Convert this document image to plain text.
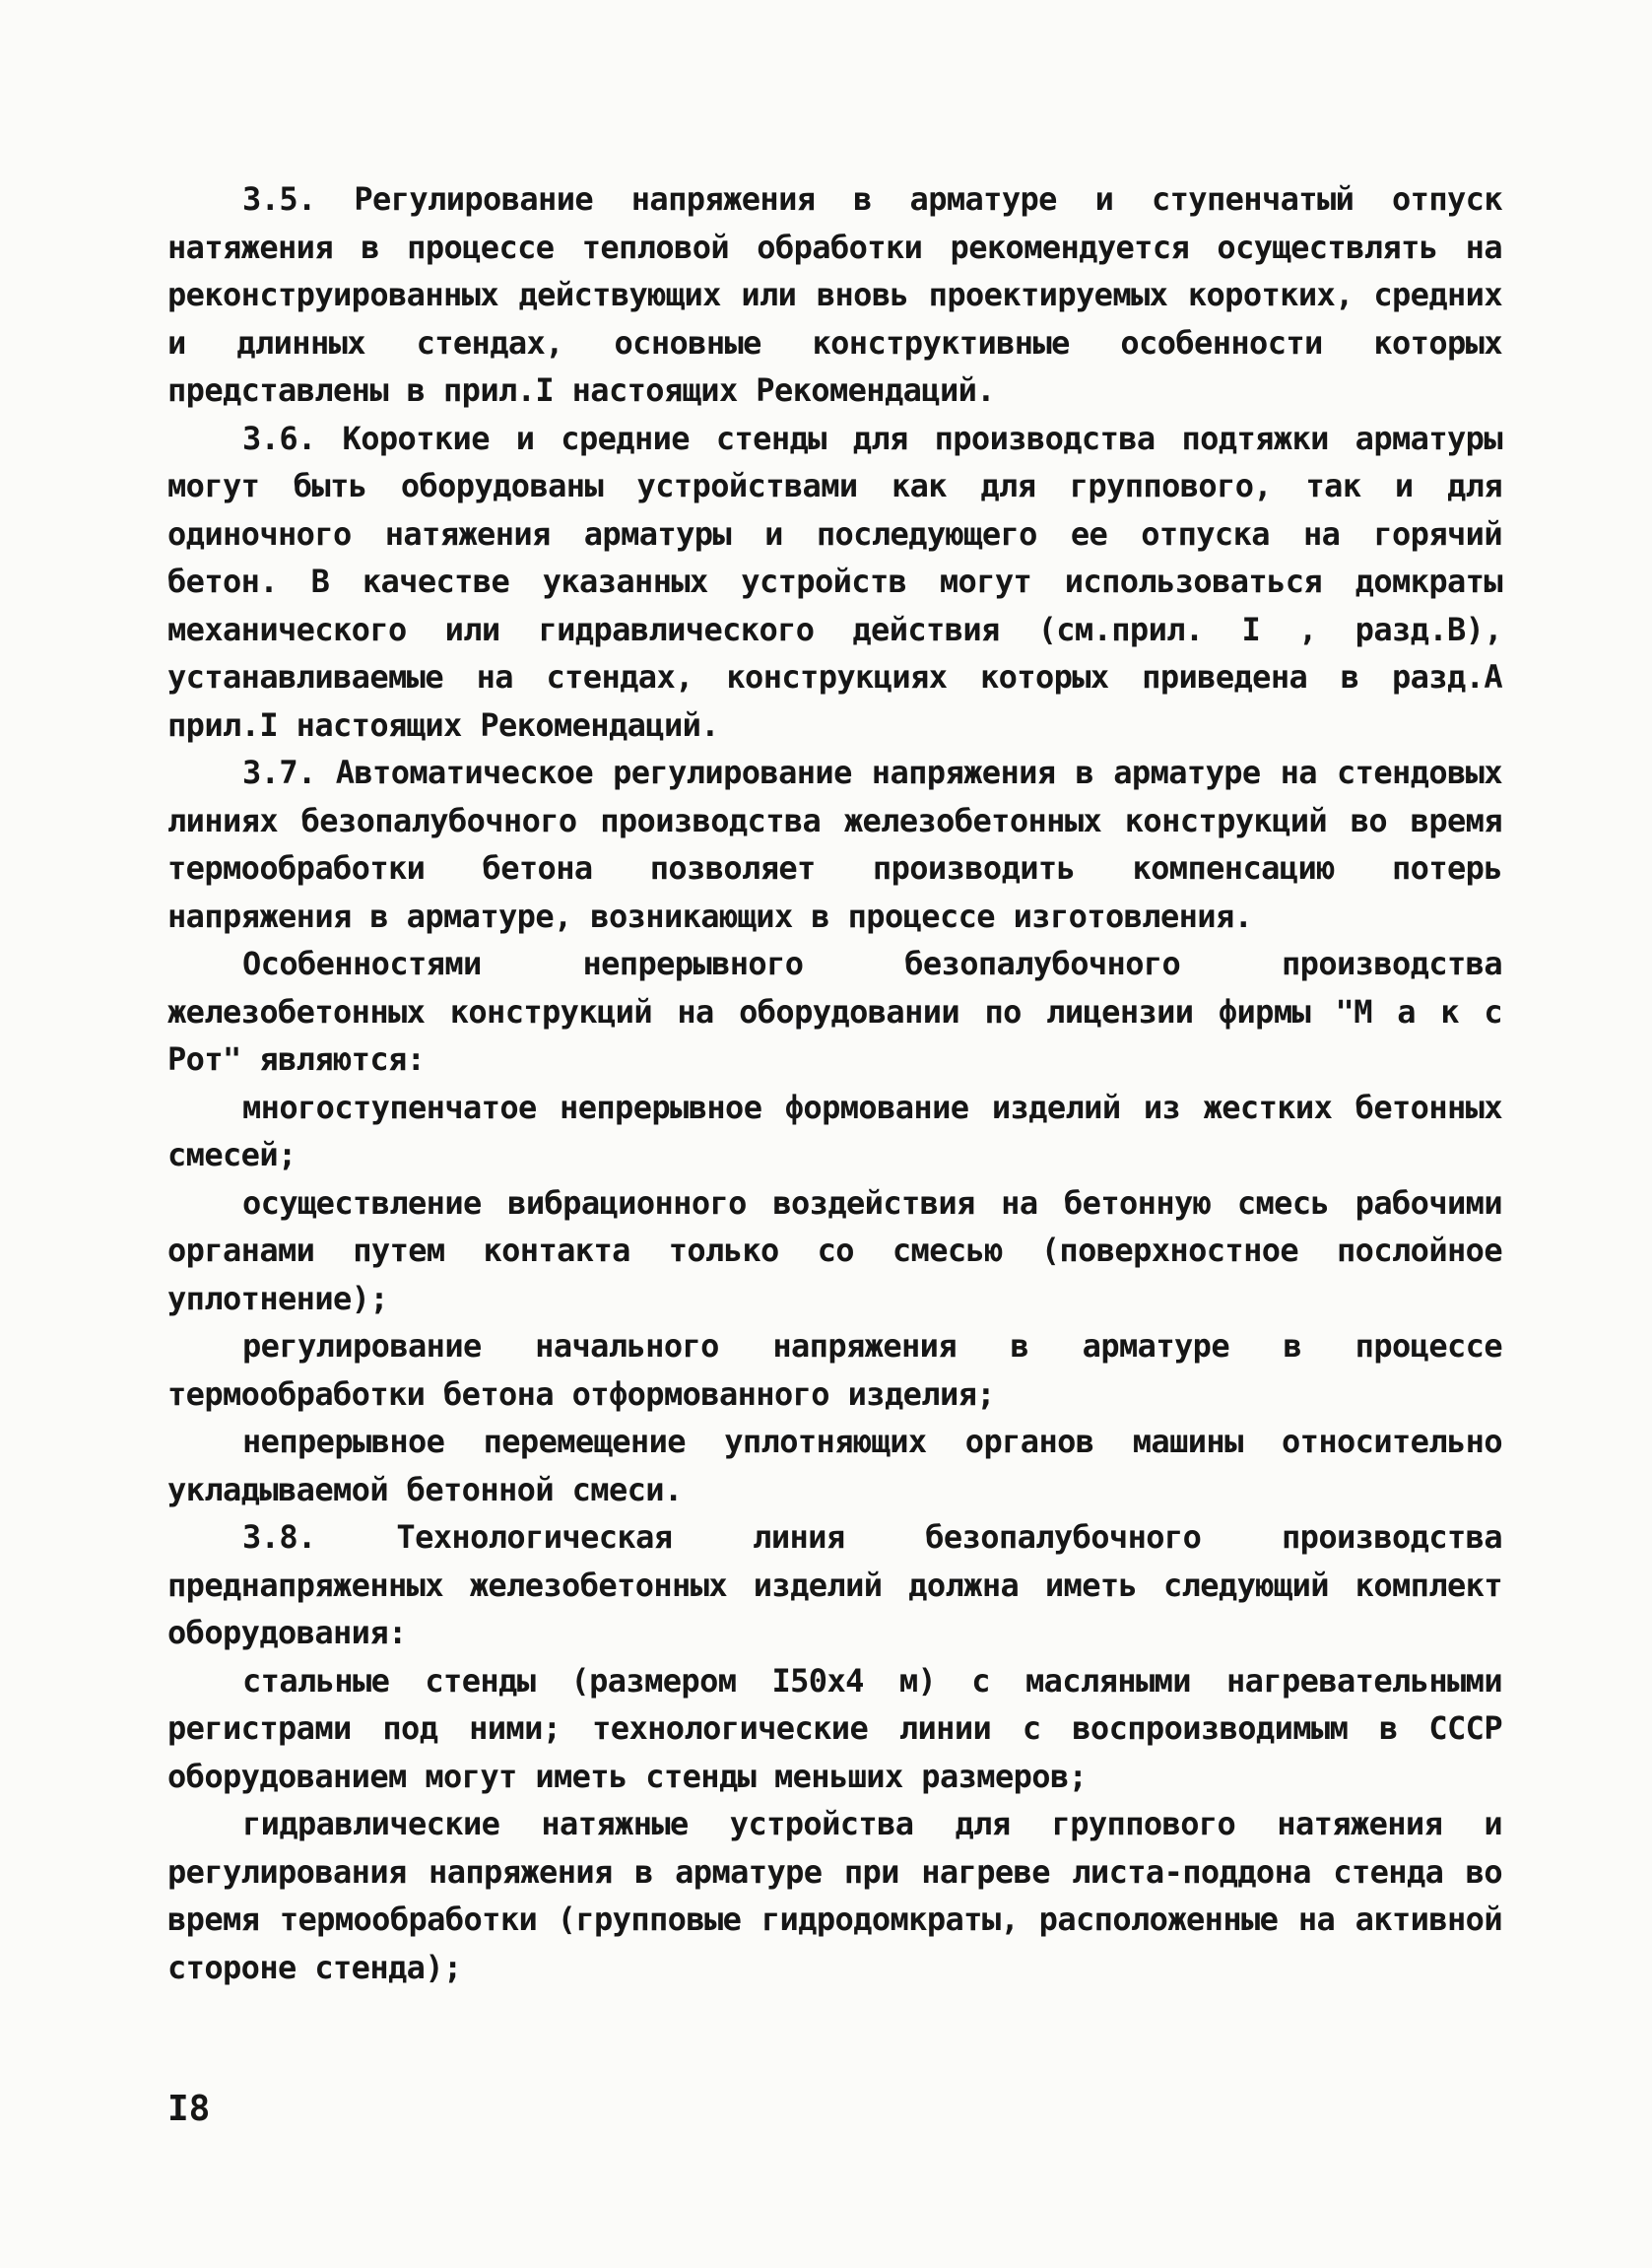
3.5. Регулирование напряжения в арматуре и ступенчатый отпуск натяжения в процессе тепловой обработки рекомендуется осуществлять на реконструированных действующих или вновь проектируемых коротких, средних и длинных стендах, основные конструктивные особенности которых представлены в прил.I настоящих Рекомендаций.

3.6. Короткие и средние стенды для производства подтяжки арматуры могут быть оборудованы устройствами как для группового, так и для одиночного натяжения арматуры и последующего ее отпуска на горячий бетон. В качестве указанных устройств могут использоваться домкраты механического или гидравлического действия (см.прил. I , разд.В), устанавливаемые на стендах, конструкциях которых приведена в разд.А прил.I настоящих Рекомендаций.

3.7. Автоматическое регулирование напряжения в арматуре на стендовых линиях безопалубочного производства железобетонных конструкций во время термообработки бетона позволяет производить компенсацию потерь напряжения в арматуре, возникающих в процессе изготовления.

Особенностями непрерывного безопалубочного производства железобетонных конструкций на оборудовании по лицензии фирмы "М а к с Рот" являются:

многоступенчатое непрерывное формование изделий из жестких бетонных смесей;

осуществление вибрационного воздействия на бетонную смесь рабочими органами путем контакта только со смесью (поверхностное послойное уплотнение);

регулирование начального напряжения в арматуре в процессе термообработки бетона отформованного изделия;

непрерывное перемещение уплотняющих органов машины относительно укладываемой бетонной смеси.

3.8. Технологическая линия безопалубочного производства преднапряженных железобетонных изделий должна иметь следующий комплект оборудования:

стальные стенды (размером I50х4 м) с масляными нагревательными регистрами под ними; технологические линии с воспроизводимым в СССР оборудованием могут иметь стенды меньших размеров;

гидравлические натяжные устройства для группового натяжения и регулирования напряжения в арматуре при нагреве листа-поддона стенда во время термообработки (групповые гидродомкраты, расположенные на активной стороне стенда);

I8
